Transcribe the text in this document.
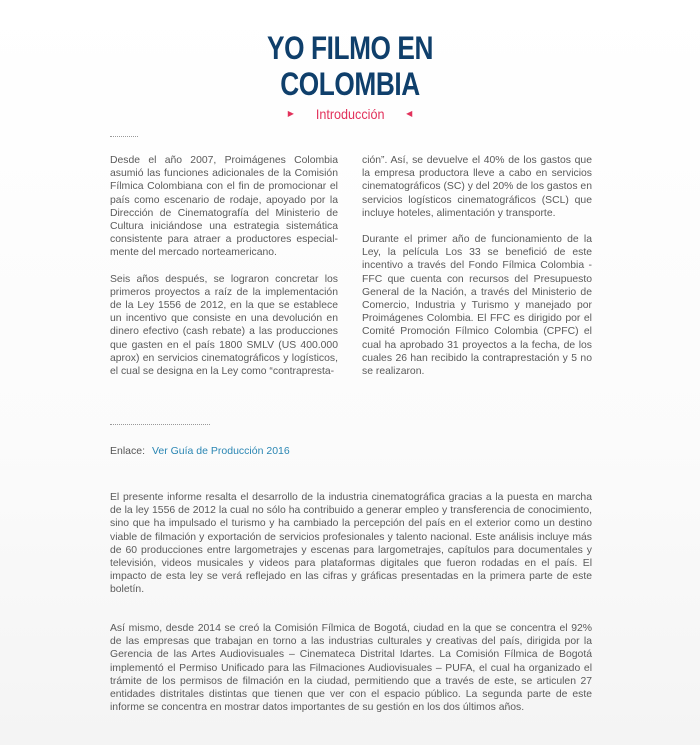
YO FILMO EN
COLOMBIA
▶ Introducción	◀

Desde el año 2007, Proimágenes Colombia asumió las funciones adicionales de la Comisión Fílmica Colombiana con el fin de promocionar el país como escenario de rodaje, apoyado por la Dirección de Cinematografía del Ministerio de Cultura iniciándose una estrategia sistemática consistente para atraer a productores especialmente del mercado norteamericano.

Seis años después, se lograron concretar los primeros proyectos a raíz de la implementación de la Ley 1556 de 2012, en la que se establece un incentivo que consiste en una devolución en dinero efectivo (cash rebate) a las producciones que gasten en el país 1800 SMLV (US 400.000 aprox) en servicios cinematográficos y logísticos, el cual se designa en la Ley como “contrapresta-

ción”. Así, se devuelve el 40% de los gastos que la empresa productora lleve a cabo en servicios cinematográficos (SC) y del 20% de los gastos en servicios logísticos cinematográficos (SCL) que incluye hoteles, alimentación y transporte.

Durante el primer año de funcionamiento de la Ley, la película Los 33 se benefició de este incentivo a través del Fondo Fílmica Colombia - FFC que cuenta con recursos del Presupuesto General de la Nación, a través del Ministerio de Comercio, Industria y Turismo y manejado por Proimágenes Colombia. El FFC es dirigido por el Comité Promoción Fílmico Colombia (CPFC) el cual ha aprobado 31 proyectos a la fecha, de los cuales 26 han recibido la contraprestación y 5 no se realizaron.

Enlace: Ver Guía de Producción 2016
El presente informe resalta el desarrollo de la industria cinematográfica gracias a la puesta en marcha de la ley 1556 de 2012 la cual no sólo ha contribuido a generar empleo y transferencia de conocimiento, sino que ha impulsado el turismo y ha cambiado la percepción del país en el exterior como un destino viable de filmación y exportación de servicios profesionales y talento nacional. Este análisis incluye más de 60 producciones entre largometrajes y escenas para largometrajes, capítulos para documentales y televisión, videos musicales y videos para plataformas digitales que fueron rodadas en el país. El impacto de esta ley se verá reflejado en las cifras y gráficas presentadas en la primera parte de este boletín.
Así mismo, desde 2014 se creó la Comisión Fílmica de Bogotá, ciudad en la que se concentra el 92% de las empresas que trabajan en torno a las industrias culturales y creativas del país, dirigida por la Gerencia de las Artes Audiovisuales – Cinemateca Distrital Idartes. La Comisión Fílmica de Bogotá implementó el Permiso Unificado para las Filmaciones Audiovisuales – PUFA, el cual ha organizado el trámite de los permisos de filmación en la ciudad, permitiendo que a través de este, se articulen 27 entidades distritales distintas que tienen que ver con el espacio público. La segunda parte de este informe se concentra en mostrar datos importantes de su gestión en los dos últimos años.
